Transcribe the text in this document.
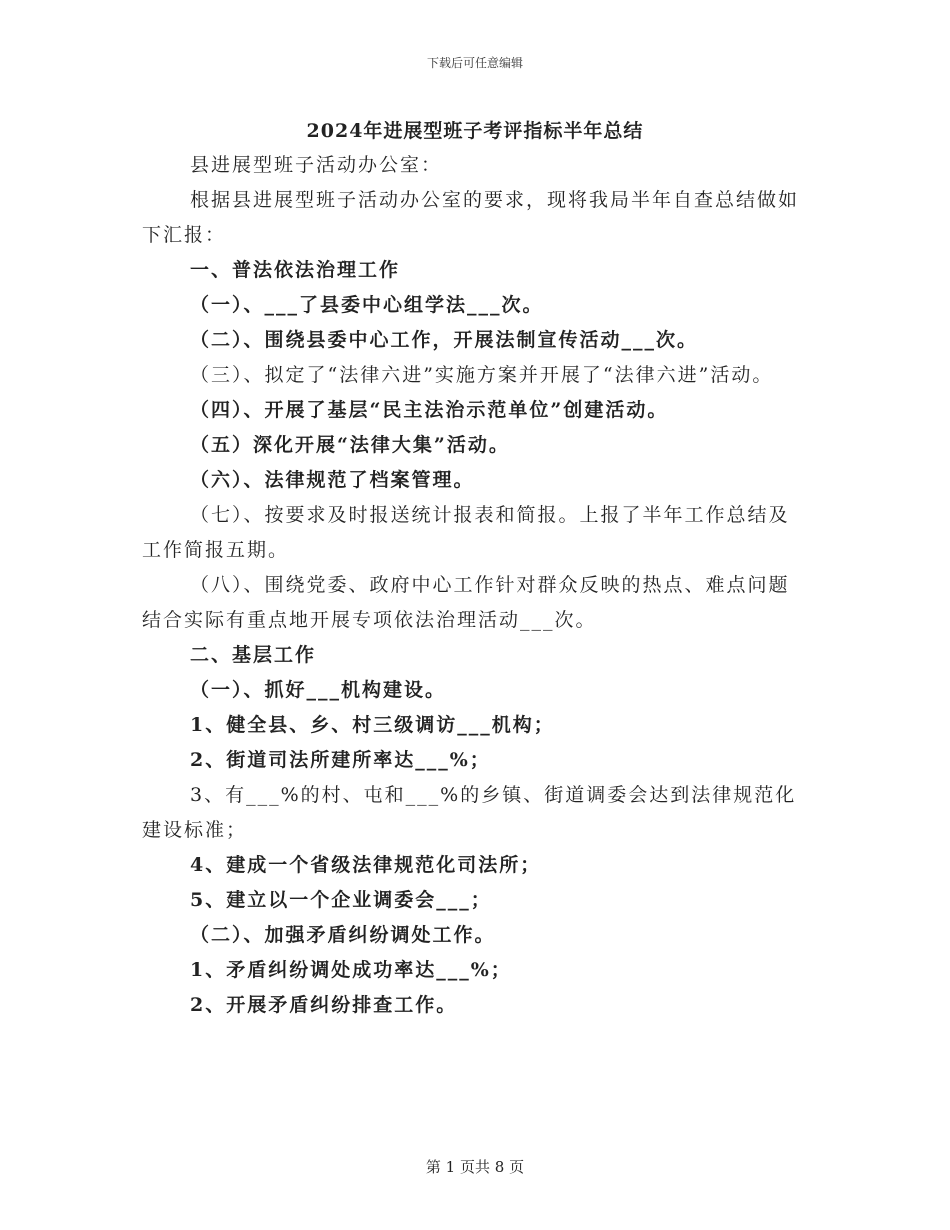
下载后可任意编辑
2024年进展型班子考评指标半年总结

县进展型班子活动办公室：

根据县进展型班子活动办公室的要求，现将我局半年自查总结做如下汇报：

一、普法依法治理工作

（一）、___了县委中心组学法___次。

（二）、围绕县委中心工作，开展法制宣传活动___次。

（三）、拟定了“法律六进”实施方案并开展了“法律六进”活动。

（四）、开展了基层“民主法治示范单位”创建活动。

（五）深化开展“法律大集”活动。

（六）、法律规范了档案管理。

（七）、按要求及时报送统计报表和简报。上报了半年工作总结及工作简报五期。

（八）、围绕党委、政府中心工作针对群众反映的热点、难点问题结合实际有重点地开展专项依法治理活动___次。

二、基层工作

（一）、抓好___机构建设。

1、健全县、乡、村三级调访___机构；

2、街道司法所建所率达___%；

3、有___%的村、屯和___%的乡镇、街道调委会达到法律规范化建设标准；

4、建成一个省级法律规范化司法所；

5、建立以一个企业调委会___；

（二）、加强矛盾纠纷调处工作。

1、矛盾纠纷调处成功率达___%；

2、开展矛盾纠纷排查工作。

第 1 页共 8 页
